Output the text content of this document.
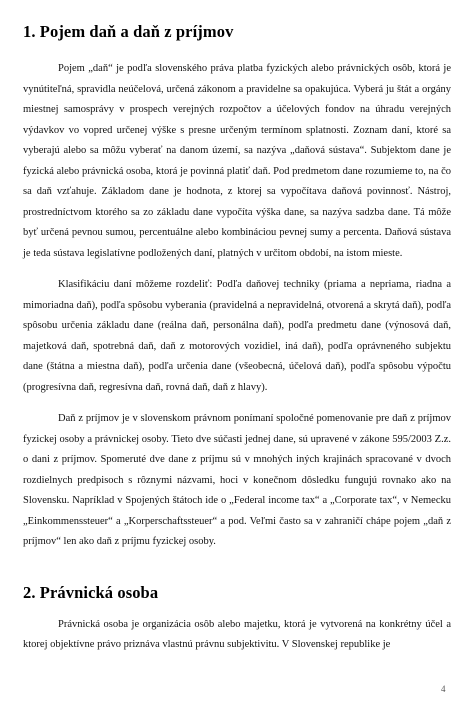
1. Pojem daň a daň z príjmov

Pojem „daň“ je podľa slovenského práva platba fyzických alebo právnických osôb, ktorá je vynútiteľná, spravidla neúčelová, určená zákonom a pravidelne sa opakujúca. Vyberá ju štát a orgány miestnej samosprávy v prospech verejných rozpočtov a účelových fondov na úhradu verejných výdavkov vo vopred určenej výške s presne určeným termínom splatnosti. Zoznam daní, ktoré sa vyberajú alebo sa môžu vyberať na danom území, sa nazýva „daňová sústava“. Subjektom dane je fyzická alebo právnická osoba, ktorá je povinná platiť daň. Pod predmetom dane rozumieme to, na čo sa daň vzťahuje. Základom dane je hodnota, z ktorej sa vypočítava daňová povinnosť. Nástroj, prostredníctvom ktorého sa zo základu dane vypočíta výška dane, sa nazýva sadzba dane. Tá môže byť určená pevnou sumou, percentuálne alebo kombináciou pevnej sumy a percenta. Daňová sústava je teda sústava legislatívne podložených daní, platných v určitom období, na istom mieste.

Klasifikáciu daní môžeme rozdeliť: Podľa daňovej techniky (priama a nepriama, riadna a mimoriadna daň), podľa spôsobu vyberania (pravidelná a nepravidelná, otvorená a skrytá daň), podľa spôsobu určenia základu dane (reálna daň, personálna daň), podľa predmetu dane (výnosová daň, majetková daň, spotrebná daň, daň z motorových vozidiel, iná daň), podľa oprávneného subjektu dane (štátna a miestna daň), podľa určenia dane (všeobecná, účelová daň), podľa spôsobu výpočtu (progresívna daň, regresívna daň, rovná daň, daň z hlavy).

Daň z príjmov je v slovenskom právnom ponímaní spoločné pomenovanie pre daň z príjmov fyzickej osoby a právnickej osoby. Tieto dve súčasti jednej dane, sú upravené v zákone 595/2003 Z.z. o dani z príjmov. Spomeruté dve dane z príjmu sú v mnohých iných krajinách spracované v dvoch rozdielnych predpisoch s rôznymi názvami, hoci v konečnom dôsledku fungujú rovnako ako na Slovensku. Napríklad v Spojených štátoch ide o „Federal income tax“ a „Corporate tax“, v Nemecku „Einkommenssteuer“ a „Korperschaftssteuer“ a pod. Veľmi často sa v zahraničí chápe pojem „daň z príjmov“ len ako daň z príjmu fyzickej osoby.

2. Právnická osoba

Právnická osoba je organizácia osôb alebo majetku, ktorá je vytvorená na konkrétny účel a ktorej objektívne právo priznáva vlastnú právnu subjektivitu. V Slovenskej republike je

4
